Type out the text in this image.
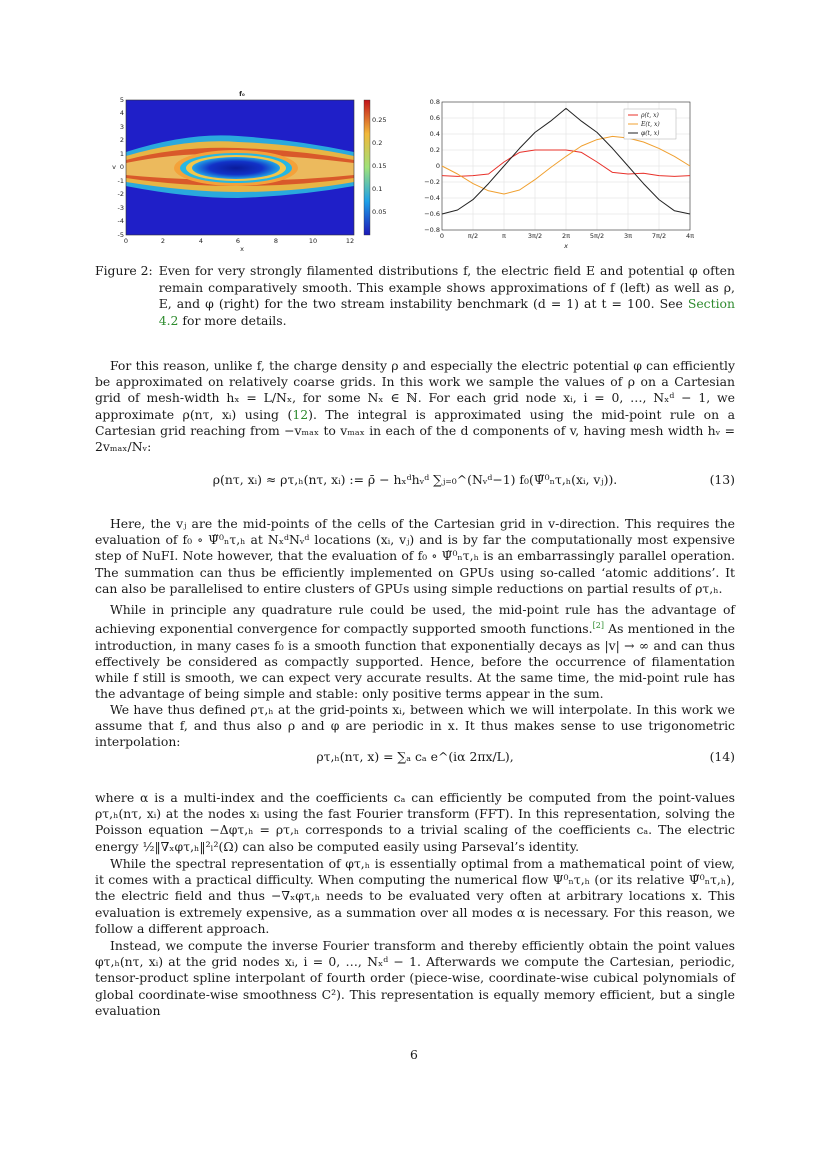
f₀
5
4
3
2
1
0
-1
-2
-3
-4
-5
v
0	2	4	6	8	10	12
x
0.25
0.2
0.15
0.1
0.05
0.8
0.6
0.4
0.2
0
−0.2
−0.4
−0.6
−0.8
0	π/2	π	3π/2	2π	5π/2	3π	7π/2	4π
ρ(t, x)
E(t, x)
φ(t, x)
x
Figure 2: Even for very strongly filamented distributions f, the electric field E and potential φ often remain comparatively smooth. This example shows approximations of f (left) as well as ρ, E, and φ (right) for the two stream instability benchmark (d = 1) at t = 100. See Section 4.2 for more details.
For this reason, unlike f, the charge density ρ and especially the electric potential φ can efficiently be approximated on relatively coarse grids. In this work we sample the values of ρ on a Cartesian grid of mesh-width hₓ = L/Nₓ, for some Nₓ ∈ ℕ. For each grid node xᵢ, i = 0, …, Nₓᵈ − 1, we approximate ρ(nτ, xᵢ) using (12). The integral is approximated using the mid-point rule on a Cartesian grid reaching from −vₘₐₓ to vₘₐₓ in each of the d components of v, having mesh width hᵥ = 2vₘₐₓ/Nᵥ:
ρ(nτ, xᵢ) ≈ ρτ,ₕ(nτ, xᵢ) := ρ̄ − hₓᵈhᵥᵈ ∑ⱼ₌₀^(Nᵥᵈ−1) f₀(Ψ̃⁰ₙτ,ₕ(xᵢ, vⱼ)).	(13)
Here, the vⱼ are the mid-points of the cells of the Cartesian grid in v-direction. This requires the evaluation of f₀ ∘ Ψ̃⁰ₙτ,ₕ at NₓᵈNᵥᵈ locations (xᵢ, vⱼ) and is by far the computationally most expensive step of NuFI. Note however, that the evaluation of f₀ ∘ Ψ̃⁰ₙτ,ₕ is an embarrassingly parallel operation. The summation can thus be efficiently implemented on GPUs using so-called ‘atomic additions’. It can also be parallelised to entire clusters of GPUs using simple reductions on partial results of ρτ,ₕ.
While in principle any quadrature rule could be used, the mid-point rule has the advantage of achieving exponential convergence for compactly supported smooth functions.[2] As mentioned in the introduction, in many cases f₀ is a smooth function that exponentially decays as |v| → ∞ and can thus effectively be considered as compactly supported. Hence, before the occurrence of filamentation while f still is smooth, we can expect very accurate results. At the same time, the mid-point rule has the advantage of being simple and stable: only positive terms appear in the sum.
We have thus defined ρτ,ₕ at the grid-points xᵢ, between which we will interpolate. In this work we assume that f, and thus also ρ and φ are periodic in x. It thus makes sense to use trigonometric interpolation:
ρτ,ₕ(nτ, x) = ∑ₐ cₐ e^(iα 2πx/L),	(14)
where α is a multi-index and the coefficients cₐ can efficiently be computed from the point-values ρτ,ₕ(nτ, xᵢ) at the nodes xᵢ using the fast Fourier transform (FFT). In this representation, solving the Poisson equation −Δφτ,ₕ = ρτ,ₕ corresponds to a trivial scaling of the coefficients cₐ. The electric energy ½‖∇ₓφτ,ₕ‖²ₗ²(Ω) can also be computed easily using Parseval’s identity.
While the spectral representation of φτ,ₕ is essentially optimal from a mathematical point of view, it comes with a practical difficulty. When computing the numerical flow Ψ⁰ₙτ,ₕ (or its relative Ψ̃⁰ₙτ,ₕ), the electric field and thus −∇ₓφτ,ₕ needs to be evaluated very often at arbitrary locations x. This evaluation is extremely expensive, as a summation over all modes α is necessary. For this reason, we follow a different approach.
Instead, we compute the inverse Fourier transform and thereby efficiently obtain the point values φτ,ₕ(nτ, xᵢ) at the grid nodes xᵢ, i = 0, …, Nₓᵈ − 1. Afterwards we compute the Cartesian, periodic, tensor-product spline interpolant of fourth order (piece-wise, coordinate-wise cubical polynomials of global coordinate-wise smoothness C²). This representation is equally memory efficient, but a single evaluation
6
